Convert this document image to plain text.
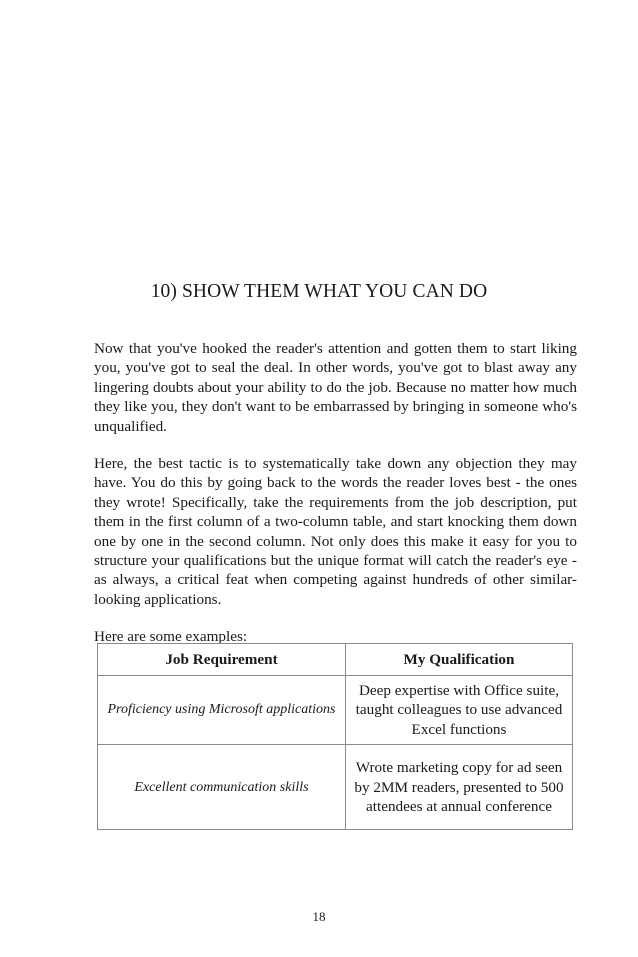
10) SHOW THEM WHAT YOU CAN DO

Now that you've hooked the reader's attention and gotten them to start liking you, you've got to seal the deal. In other words, you've got to blast away any lingering doubts about your ability to do the job. Because no matter how much they like you, they don't want to be embarrassed by bringing in someone who's unqualified.

Here, the best tactic is to systematically take down any objection they may have. You do this by going back to the words the reader loves best - the ones they wrote! Specifically, take the requirements from the job description, put them in the first column of a two-column table, and start knocking them down one by one in the second column. Not only does this make it easy for you to structure your qualifications but the unique format will catch the reader's eye - as always, a critical feat when competing against hundreds of other similar-looking applications.

Here are some examples:

Job Requirement	My Qualification
Proficiency using Microsoft applications	Deep expertise with Office suite, taught colleagues to use advanced Excel functions
Excellent communication skills	Wrote marketing copy for ad seen by 2MM readers, presented to 500 attendees at annual conference
18
